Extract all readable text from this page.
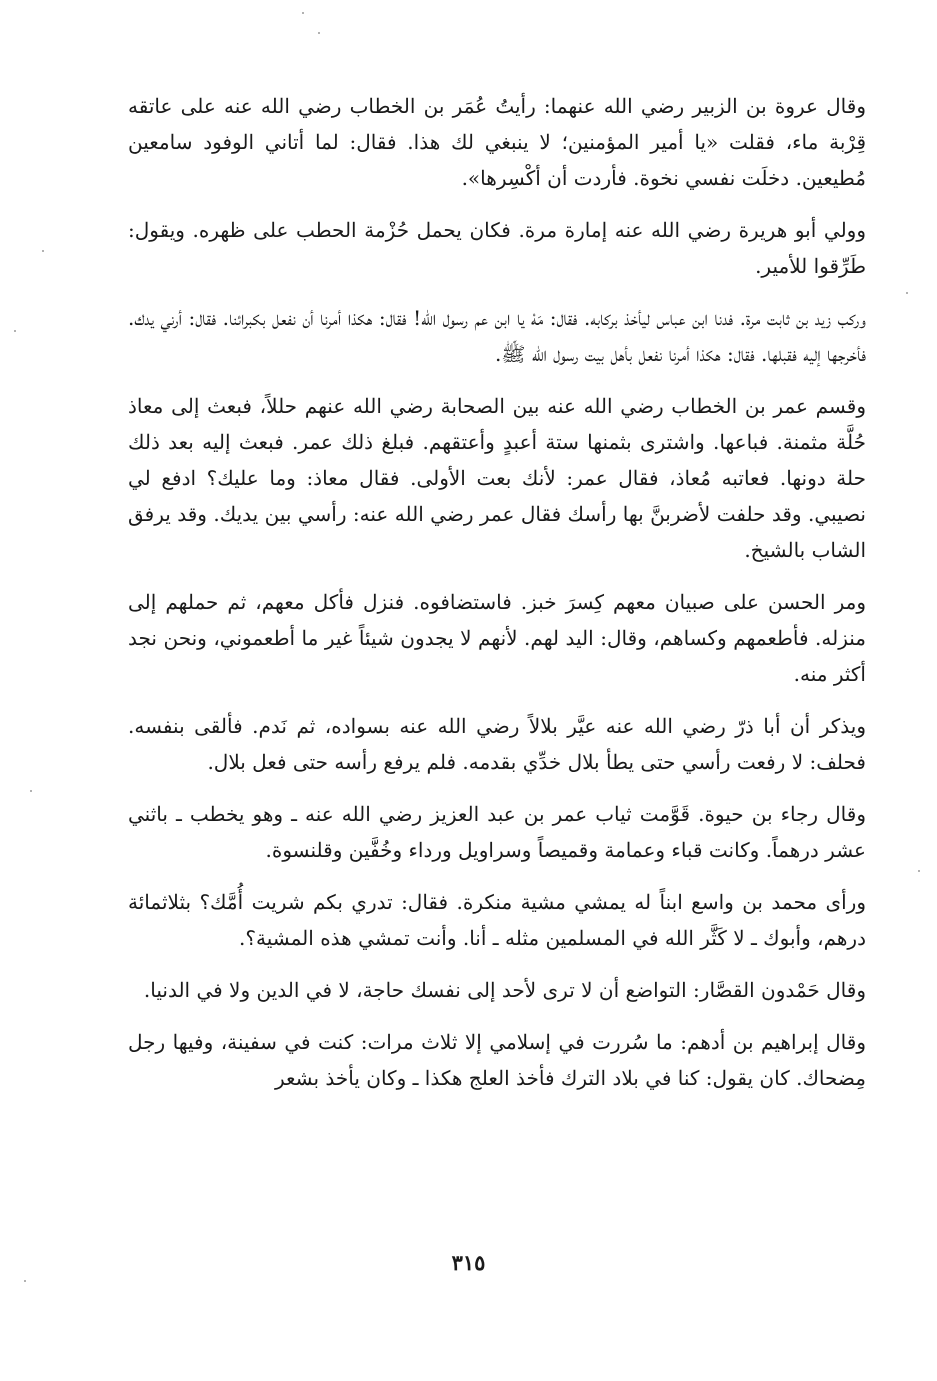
وقال عروة بن الزبير رضي الله عنهما: رأيتُ عُمَر بن الخطاب رضي الله عنه على عاتقه قِرْبة ماء، فقلت «يا أمير المؤمنين؛ لا ينبغي لك هذا. فقال: لما أتاني الوفود سامعين مُطيعين. دخلَت نفسي نخوة. فأردت أن أكْسِرها».

وولي أبو هريرة رضي الله عنه إمارة مرة. فكان يحمل حُزْمة الحطب على ظهره. ويقول: طَرِّقوا للأمير.

وركب زيد بن ثابت مرة. فدنا ابن عباس ليأخذ بركابه. فقال: مَهْ يا ابن عم رسول الله! فقال: هكذا أمرنا أن نفعل بكبرائنا. فقال: أرني يدك. فأخرجها إليه فقبلها. فقال: هكذا أمرنا نفعل بأهل بيت رسول الله ﷺ.

وقسم عمر بن الخطاب رضي الله عنه بين الصحابة رضي الله عنهم حللاً، فبعث إلى معاذ حُلَّة مثمنة. فباعها. واشترى بثمنها ستة أعبدٍ وأعتقهم. فبلغ ذلك عمر. فبعث إليه بعد ذلك حلة دونها. فعاتبه مُعاذ، فقال عمر: لأنك بعت الأولى. فقال معاذ: وما عليك؟ ادفع لي نصيبي. وقد حلفت لأضربنَّ بها رأسك فقال عمر رضي الله عنه: رأسي بين يديك. وقد يرفق الشاب بالشيخ.

ومر الحسن على صبيان معهم كِسرَ خبز. فاستضافوه. فنزل فأكل معهم، ثم حملهم إلى منزله. فأطعمهم وكساهم، وقال: اليد لهم. لأنهم لا يجدون شيئاً غير ما أطعموني، ونحن نجد أكثر منه.

ويذكر أن أبا ذرّ رضي الله عنه عيَّر بلالاً رضي الله عنه بسواده، ثم نَدم. فألقى بنفسه. فحلف: لا رفعت رأسي حتى يطأ بلال خدِّي بقدمه. فلم يرفع رأسه حتى فعل بلال.

وقال رجاء بن حيوة. قَوَّمت ثياب عمر بن عبد العزيز رضي الله عنه ـ وهو يخطب ـ باثني عشر درهماً. وكانت قباء وعمامة وقميصاً وسراويل ورداء وخُفَّين وقلنسوة.

ورأى محمد بن واسع ابناً له يمشي مشية منكرة. فقال: تدري بكم شريت أُمَّك؟ بثلاثمائة درهم، وأبوك ـ لا كَثَّر الله في المسلمين مثله ـ أنا. وأنت تمشي هذه المشية؟.

وقال حَمْدون القصَّار: التواضع أن لا ترى لأحد إلى نفسك حاجة، لا في الدين ولا في الدنيا.

وقال إبراهيم بن أدهم: ما سُررت في إسلامي إلا ثلاث مرات: كنت في سفينة، وفيها رجل مِضحاك. كان يقول: كنا في بلاد الترك فأخذ العلج هكذا ـ وكان يأخذ بشعر

٣١٥
